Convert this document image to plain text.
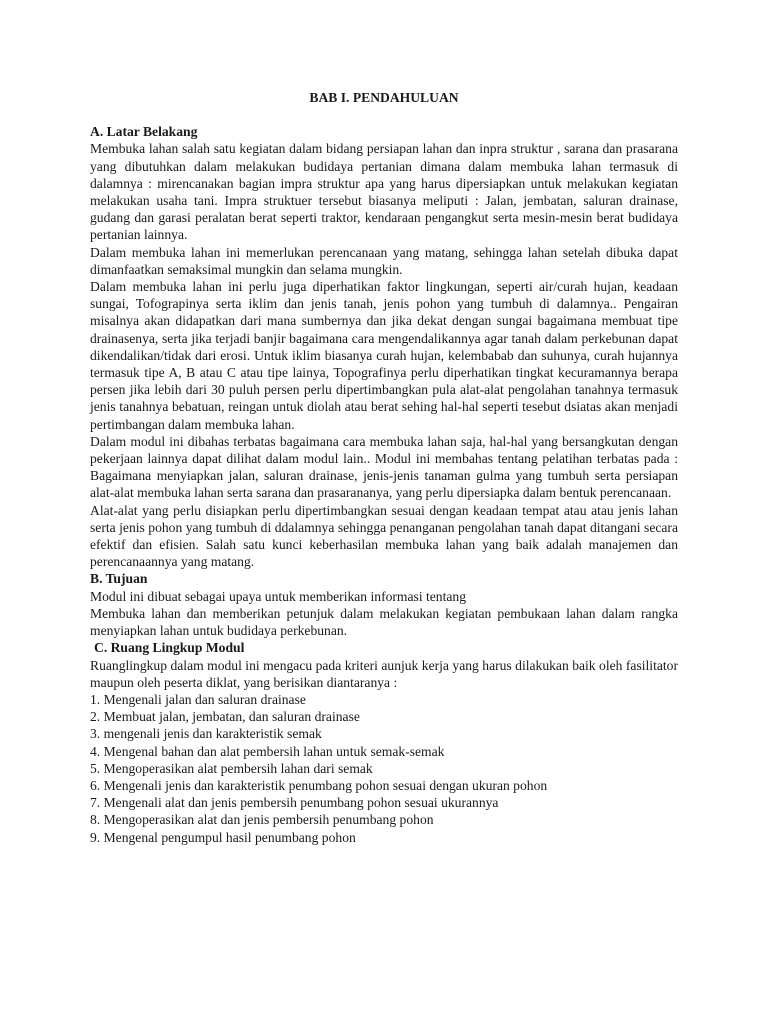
BAB I. PENDAHULUAN
A. Latar Belakang

Membuka lahan salah satu kegiatan dalam bidang persiapan lahan dan inpra struktur , sarana dan prasarana yang dibutuhkan dalam melakukan budidaya pertanian dimana dalam membuka lahan termasuk di dalamnya : mirencanakan bagian impra struktur apa yang harus dipersiapkan untuk melakukan kegiatan melakukan usaha tani. Impra struktuer tersebut biasanya meliputi : Jalan, jembatan, saluran drainase, gudang dan garasi peralatan berat seperti traktor, kendaraan pengangkut serta mesin-mesin berat budidaya pertanian lainnya.

Dalam membuka lahan ini memerlukan perencanaan yang matang, sehingga lahan setelah dibuka dapat dimanfaatkan semaksimal mungkin dan selama mungkin.

Dalam membuka lahan ini perlu juga diperhatikan faktor lingkungan, seperti air/curah hujan, keadaan sungai, Tofograpinya serta iklim dan jenis tanah, jenis pohon yang tumbuh di dalamnya.. Pengairan misalnya akan didapatkan dari mana sumbernya dan jika dekat dengan sungai bagaimana membuat tipe drainasenya, serta jika terjadi banjir bagaimana cara mengendalikannya agar tanah dalam perkebunan dapat dikendalikan/tidak dari erosi. Untuk iklim biasanya curah hujan, kelembabab dan suhunya, curah hujannya termasuk tipe A, B atau C atau tipe lainya, Topografinya perlu diperhatikan tingkat kecuramannya berapa persen jika lebih dari 30 puluh persen perlu dipertimbangkan pula alat-alat pengolahan tanahnya termasuk jenis tanahnya bebatuan, reingan untuk diolah atau berat sehing hal-hal seperti tesebut dsiatas akan menjadi pertimbangan dalam membuka lahan.

Dalam modul ini dibahas terbatas bagaimana cara membuka lahan saja, hal-hal yang bersangkutan dengan pekerjaan lainnya dapat dilihat dalam modul lain.. Modul ini membahas tentang pelatihan terbatas pada : Bagaimana menyiapkan jalan, saluran drainase, jenis-jenis tanaman gulma yang tumbuh serta persiapan alat-alat membuka lahan serta sarana dan prasarananya, yang perlu dipersiapka dalam bentuk perencanaan.

Alat-alat yang perlu disiapkan perlu dipertimbangkan sesuai dengan keadaan tempat atau atau jenis lahan serta jenis pohon yang tumbuh di ddalamnya sehingga penanganan pengolahan tanah dapat ditangani secara efektif dan efisien. Salah satu kunci keberhasilan membuka lahan yang baik adalah manajemen dan perencanaannya yang matang.

B. Tujuan

Modul ini dibuat sebagai upaya untuk memberikan informasi tentang

Membuka lahan dan memberikan petunjuk dalam melakukan kegiatan pembukaan lahan dalam rangka menyiapkan lahan untuk budidaya perkebunan.

C. Ruang Lingkup Modul

Ruanglingkup dalam modul ini mengacu pada kriteri aunjuk kerja yang harus dilakukan baik oleh fasilitator maupun oleh peserta diklat, yang berisikan diantaranya :

1. Mengenali jalan dan saluran drainase
2. Membuat jalan, jembatan, dan saluran drainase
3. mengenali jenis dan karakteristik semak
4. Mengenal bahan dan alat pembersih lahan untuk semak-semak
5. Mengoperasikan alat pembersih lahan dari semak
6. Mengenali jenis dan karakteristik penumbang pohon sesuai dengan ukuran pohon
7. Mengenali alat dan jenis pembersih penumbang pohon sesuai ukurannya
8. Mengoperasikan alat dan jenis pembersih penumbang pohon
9. Mengenal pengumpul hasil penumbang pohon
